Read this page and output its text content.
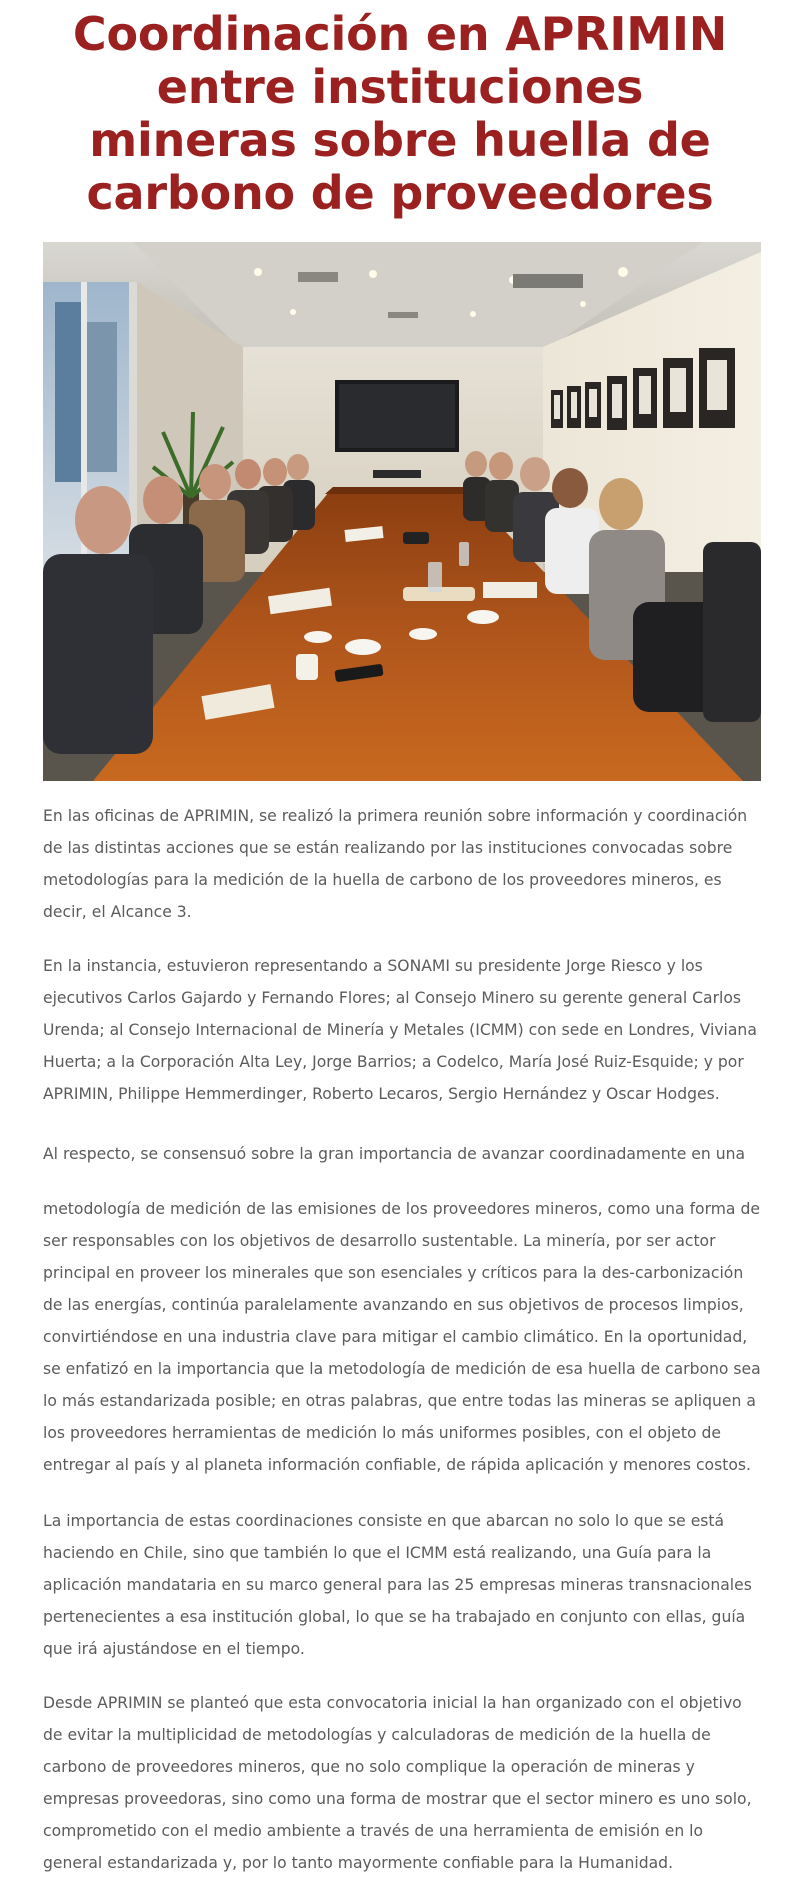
Coordinación en APRIMIN entre instituciones mineras sobre huella de carbono de proveedores

En las oficinas de APRIMIN, se realizó la primera reunión sobre información y coordinación de las distintas acciones que se están realizando por las instituciones convocadas sobre metodologías para la medición de la huella de carbono de los proveedores mineros, es decir, el Alcance 3.

En la instancia, estuvieron representando a SONAMI su presidente Jorge Riesco y los ejecutivos Carlos Gajardo y Fernando Flores; al Consejo Minero su gerente general Carlos Urenda; al Consejo Internacional de Minería y Metales (ICMM) con sede en Londres, Viviana Huerta; a la Corporación Alta Ley, Jorge Barrios; a Codelco, María José Ruiz-Esquide; y por APRIMIN, Philippe Hemmerdinger, Roberto Lecaros, Sergio Hernández y Oscar Hodges.

Al respecto, se consensuó sobre la gran importancia de avanzar coordinadamente en una

metodología de medición de las emisiones de los proveedores mineros, como una forma de ser responsables con los objetivos de desarrollo sustentable. La minería, por ser actor principal en proveer los minerales que son esenciales y críticos para la des-carbonización de las energías, continúa paralelamente avanzando en sus objetivos de procesos limpios, convirtiéndose en una industria clave para mitigar el cambio climático. En la oportunidad, se enfatizó en la importancia que la metodología de medición de esa huella de carbono sea lo más estandarizada posible; en otras palabras, que entre todas las mineras se apliquen a los proveedores herramientas de medición lo más uniformes posibles, con el objeto de entregar al país y al planeta información confiable, de rápida aplicación y menores costos.

La importancia de estas coordinaciones consiste en que abarcan no solo lo que se está haciendo en Chile, sino que también lo que el ICMM está realizando, una Guía para la aplicación mandataria en su marco general para las 25 empresas mineras transnacionales pertenecientes a esa institución global, lo que se ha trabajado en conjunto con ellas, guía que irá ajustándose en el tiempo.

Desde APRIMIN se planteó que esta convocatoria inicial la han organizado con el objetivo de evitar la multiplicidad de metodologías y calculadoras de medición de la huella de carbono de proveedores mineros, que no solo complique la operación de mineras y empresas proveedoras, sino como una forma de mostrar que el sector minero es uno solo, comprometido con el medio ambiente a través de una herramienta de emisión en lo general estandarizada y, por lo tanto mayormente confiable para la Humanidad.
